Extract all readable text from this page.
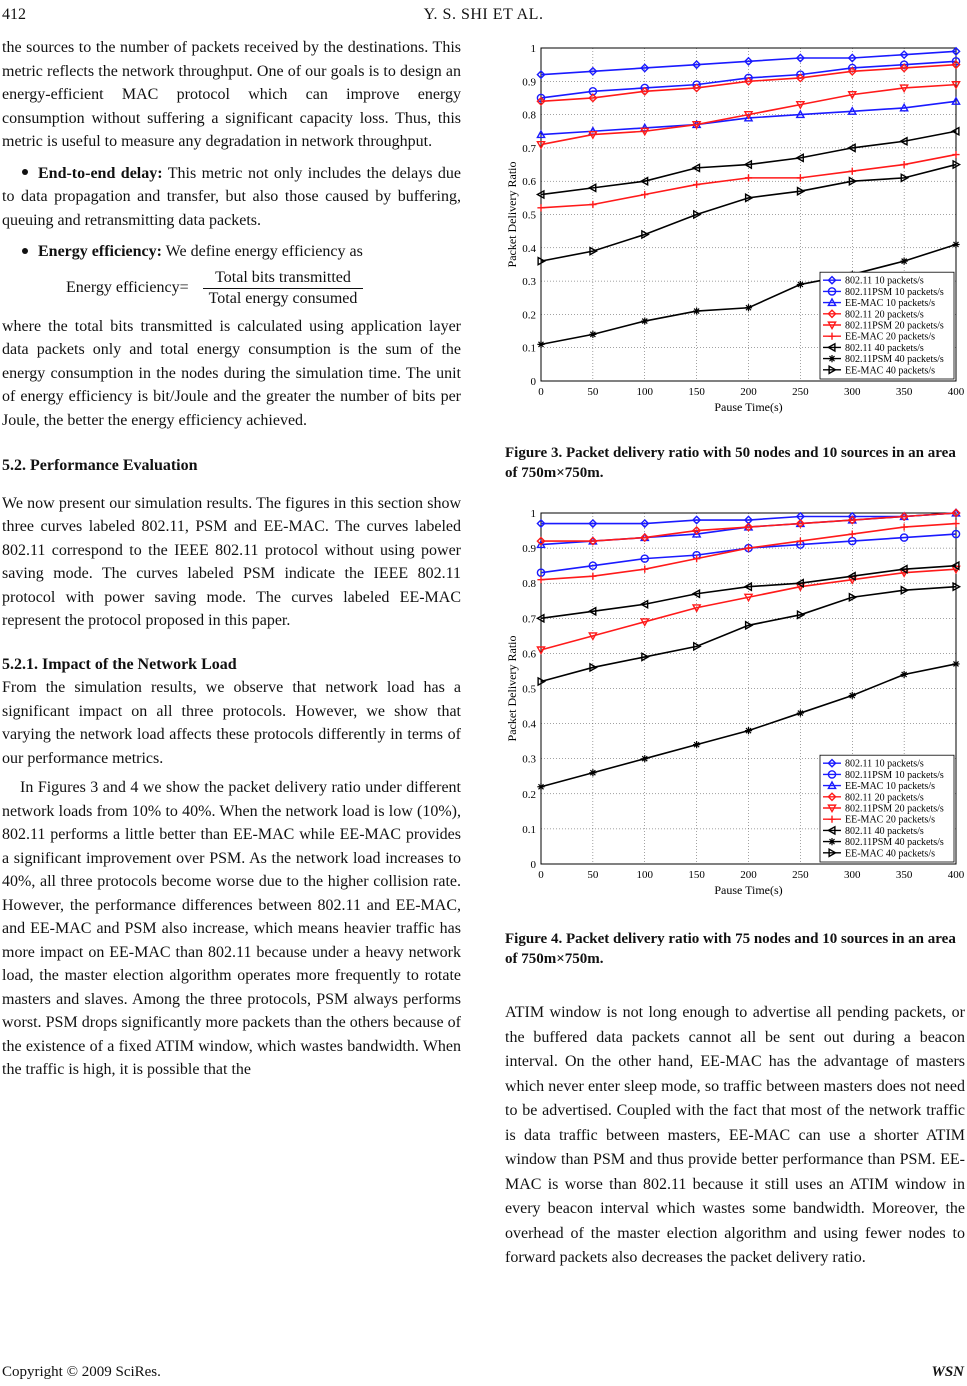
412	Y. S. SHI ET AL.

the sources to the number of packets received by the destinations. This metric reflects the network throughput. One of our goals is to design an energy-efficient MAC protocol which can improve energy consumption without suffering a significant capacity loss. Thus, this metric is useful to measure any degradation in network throughput.

End-to-end delay: This metric not only includes the delays due to data propagation and transfer, but also those caused by buffering, queuing and retransmitting data packets.

Energy efficiency: We define energy efficiency as

Energy efficiency= $\frac{\text{Total bits transmitted}}{\text{Total energy consumed}}$

where the total bits transmitted is calculated using application layer data packets only and total energy consumption is the sum of the energy consumption in the nodes during the simulation time. The unit of energy efficiency is bit/Joule and the greater the number of bits per Joule, the better the energy efficiency achieved.

5.2. Performance Evaluation

We now present our simulation results. The figures in this section show three curves labeled 802.11, PSM and EE-MAC. The curves labeled 802.11 correspond to the IEEE 802.11 protocol without using power saving mode. The curves labeled PSM indicate the IEEE 802.11 protocol with power saving mode. The curves labeled EE-MAC represent the protocol proposed in this paper.

5.2.1. Impact of the Network Load

From the simulation results, we observe that network load has a significant impact on all three protocols. However, we show that varying the network load affects these protocols differently in terms of our performance metrics.

In Figures 3 and 4 we show the packet delivery ratio under different network loads from 10% to 40%. When the network load is low (10%), 802.11 performs a little better than EE-MAC while EE-MAC provides a significant improvement over PSM. As the network load increases to 40%, all three protocols become worse due to the higher collision rate. However, the performance differences between 802.11 and EE-MAC, and EE-MAC and PSM also increase, which means heavier traffic has more impact on EE-MAC than 802.11 because under a heavy network load, the master election algorithm operates more frequently to rotate masters and slaves. Among the three protocols, PSM always performs worst. PSM drops significantly more packets than the others because of the existence of a fixed ATIM window, which wastes bandwidth. When the traffic is high, it is possible that the

0
0.1
0.2
0.3
0.4
0.5
0.6
0.7
0.8
0.9
1
0	50	100	150	200	250	300	350	400
Pause Time(s)
Packet Delivery Ratio
802.11 10 packets/s
802.11PSM 10 packets/s
EE-MAC 10 packets/s
802.11 20 packets/s
802.11PSM 20 packets/s
EE-MAC 20 packets/s
802.11 40 packets/s
802.11PSM 40 packets/s
EE-MAC 40 packets/s
Figure 3. Packet delivery ratio with 50 nodes and 10 sources in an area of 750m×750m.
0
0.1
0.2
0.3
0.4
0.5
0.6
0.7
0.8
0.9
1
0	50	100	150	200	250	300	350	400
Pause Time(s)
Packet Delivery Ratio
802.11 10 packets/s
802.11PSM 10 packets/s
EE-MAC 10 packets/s
802.11 20 packets/s
802.11PSM 20 packets/s
EE-MAC 20 packets/s
802.11 40 packets/s
802.11PSM 40 packets/s
EE-MAC 40 packets/s
Figure 4. Packet delivery ratio with 75 nodes and 10 sources in an area of 750m×750m.

ATIM window is not long enough to advertise all pending packets, or the buffered data packets cannot all be sent out during a beacon interval. On the other hand, EE-MAC has the advantage of masters which never enter sleep mode, so traffic between masters does not need to be advertised. Coupled with the fact that most of the network traffic is data traffic between masters, EE-MAC can use a shorter ATIM window than PSM and thus provide better performance than PSM. EE-MAC is worse than 802.11 because it still uses an ATIM window in every beacon interval which wastes some bandwidth. Moreover, the overhead of the master election algorithm and using fewer nodes to forward packets also decreases the packet delivery ratio.

Copyright © 2009 SciRes.	WSN
